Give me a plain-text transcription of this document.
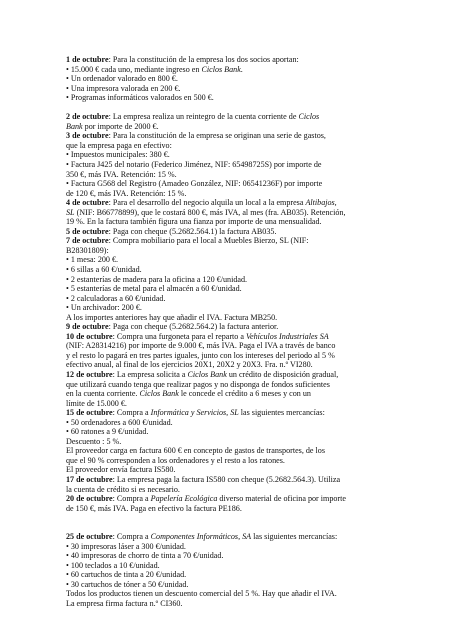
1 de octubre: Para la constitución de la empresa los dos socios aportan:
• 15.000 € cada uno, mediante ingreso en Ciclos Bank.
• Un ordenador valorado en 800 €.
• Una impresora valorada en 200 €.
• Programas informáticos valorados en 500 €.
2 de octubre: La empresa realiza un reintegro de la cuenta corriente de Ciclos
Bank por importe de 2000 €.
3 de octubre: Para la constitución de la empresa se originan una serie de gastos,
que la empresa paga en efectivo:
• Impuestos municipales: 380 €.
• Factura J425 del notario (Federico Jiménez, NIF: 65498725S) por importe de
350 €, más IVA. Retención: 15 %.
• Factura G568 del Registro (Amadeo González, NIF: 06541236F) por importe
de 120 €, más IVA. Retención: 15 %.
4 de octubre: Para el desarrollo del negocio alquila un local a la empresa Altibajos,
SL (NIF: B66778899), que le costará 800 €, más IVA, al mes (fra. AB035). Retención,
19 %. En la factura también figura una fianza por importe de una mensualidad.
5 de octubre: Paga con cheque (5.2682.564.1) la factura AB035.
7 de octubre: Compra mobiliario para el local a Muebles Bierzo, SL (NIF:
B28301809):
• 1 mesa: 200 €.
• 6 sillas a 60 €/unidad.
• 2 estanterías de madera para la oficina a 120 €/unidad.
• 5 estanterías de metal para el almacén a 60 €/unidad.
• 2 calculadoras a 60 €/unidad.
• Un archivador: 200 €.
A los importes anteriores hay que añadir el IVA. Factura MB250.
9 de octubre: Paga con cheque (5.2682.564.2) la factura anterior.
10 de octubre: Compra una furgoneta para el reparto a Vehículos Industriales SA
(NIF: A28314216) por importe de 9.000 €, más IVA. Paga el IVA a través de banco
y el resto lo pagará en tres partes iguales, junto con los intereses del periodo al 5 %
efectivo anual, al final de los ejercicios 20X1, 20X2 y 20X3. Fra. n.º VI280.
12 de octubre: La empresa solicita a Ciclos Bank un crédito de disposición gradual,
que utilizará cuando tenga que realizar pagos y no disponga de fondos suficientes
en la cuenta corriente. Ciclos Bank le concede el crédito a 6 meses y con un
límite de 15.000 €.
15 de octubre: Compra a Informática y Servicios, SL las siguientes mercancías:
• 50 ordenadores a 600 €/unidad.
• 60 ratones a 9 €/unidad.
Descuento : 5 %.
El proveedor carga en factura 600 € en concepto de gastos de transportes, de los
que el 90 % corresponden a los ordenadores y el resto a los ratones.
El proveedor envía factura IS580.
17 de octubre: La empresa paga la factura IS580 con cheque (5.2682.564.3). Utiliza
la cuenta de crédito si es necesario.
20 de octubre: Compra a Papelería Ecológica diverso material de oficina por importe
de 150 €, más IVA. Paga en efectivo la factura PE186.
25 de octubre: Compra a Componentes Informáticos, SA las siguientes mercancías:
• 30 impresoras láser a 300 €/unidad.
• 40 impresoras de chorro de tinta a 70 €/unidad.
• 100 teclados a 10 €/unidad.
• 60 cartuchos de tinta a 20 €/unidad.
• 30 cartuchos de tóner a 50 €/unidad.
Todos los productos tienen un descuento comercial del 5 %. Hay que añadir el IVA.
La empresa firma factura n.º CI360.
